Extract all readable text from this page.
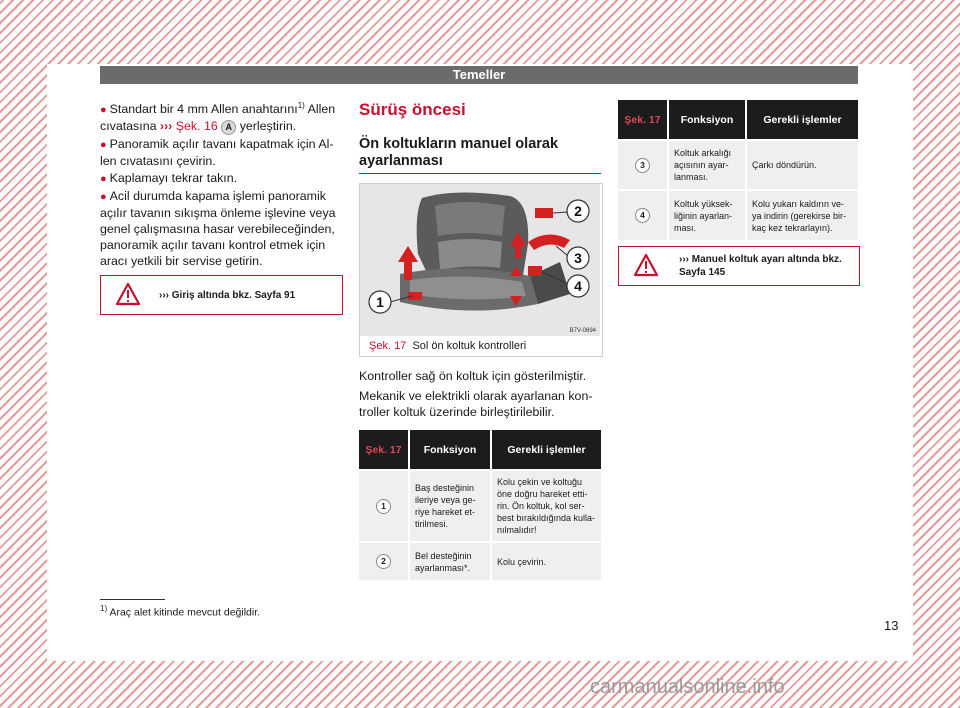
Temeller

● Standart bir 4 mm Allen anahtarını$^{1)}$ Allen cıvatasına ››› Şek. 16 A yerleştirin.

● Panoramik açılır tavanı kapatmak için Al-len cıvatasını çevirin.

● Kaplamayı tekrar takın.

● Acil durumda kapama işlemi panoramik açılır tavanın sıkışma önleme işlevine veya genel çalışmasına hasar verebileceğinden, panoramik açılır tavanı kontrol etmek için aracı yetkili bir servise getirin.

››› Giriş altında bkz. Sayfa 91
Sürüş öncesi
Ön koltukların manuel olarak ayarlanması
1
2
3
4
B7V-0694
Şek. 17 Sol ön koltuk kontrolleri
Kontroller sağ ön koltuk için gösterilmiştir.
Mekanik ve elektrikli olarak ayarlanan kon-troller koltuk üzerinde birleştirilebilir.
Şek. 17	Fonksiyon	Gerekli işlemler
1	Baş desteğinin ileriye veya ge-riye hareket et-tirilmesi.	Kolu çekin ve koltuğu öne doğru hareket etti-rin. Ön koltuk, kol ser-best bırakıldığında kulla-nılmalıdır!
2	Bel desteğinin ayarlanması*.	Kolu çevirin.
Şek. 17	Fonksiyon	Gerekli işlemler
3	Koltuk arkalığı açısının ayar-lanması.	Çarkı döndürün.
4	Koltuk yüksek-liğinin ayarlan-ması.	Kolu yukarı kaldırın ve-ya indirin (gerekirse bir-kaç kez tekrarlayın).
››› Manuel koltuk ayarı altında bkz. Sayfa 145
$^{1)}$ Araç alet kitinde mevcut değildir.
13
carmanualsonline.info
